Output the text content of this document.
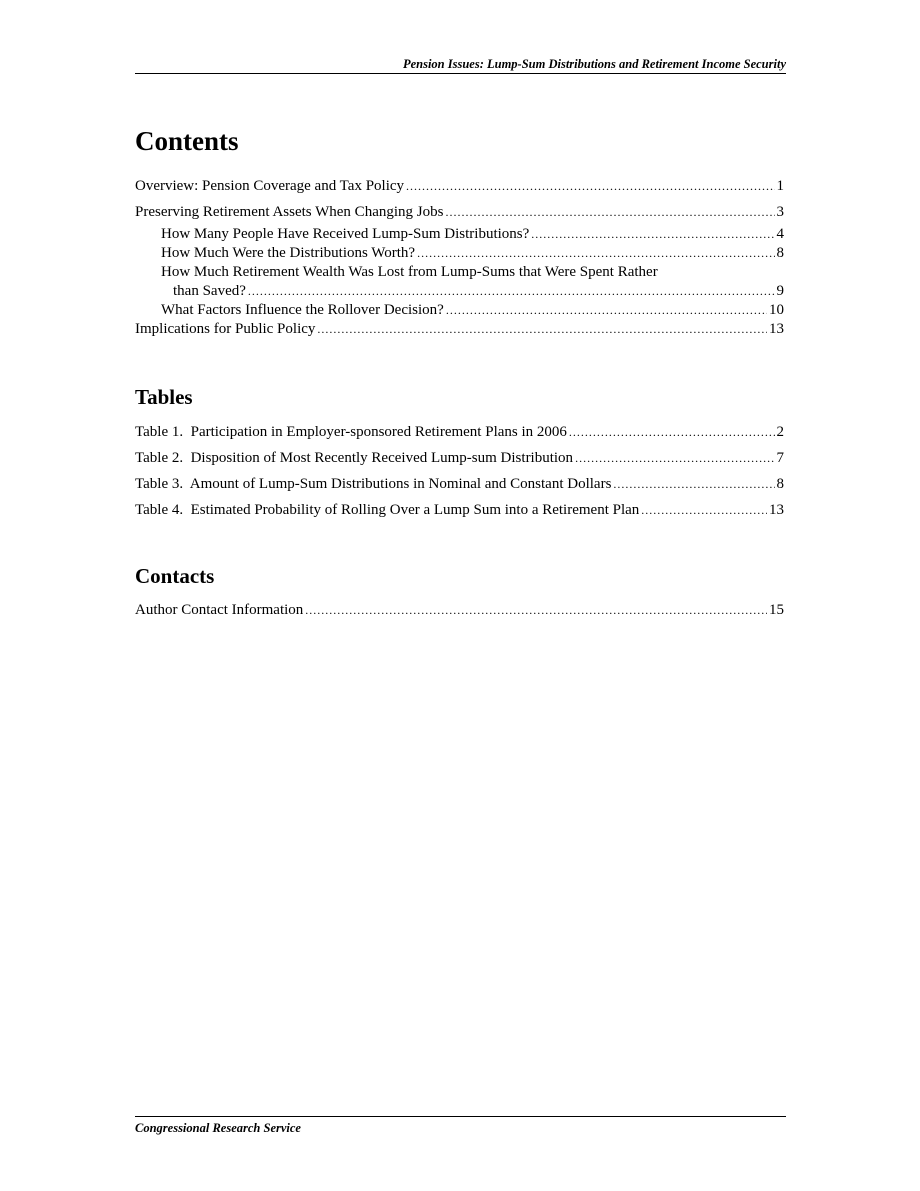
Pension Issues: Lump-Sum Distributions and Retirement Income Security
Contents
Overview: Pension Coverage and Tax Policy .....	1
Preserving Retirement Assets When Changing Jobs .....	3
How Many People Have Received Lump-Sum Distributions? .....	4
How Much Were the Distributions Worth? .....	8
How Much Retirement Wealth Was Lost from Lump-Sums that Were Spent Rather
than Saved? .....	9
What Factors Influence the Rollover Decision? .....	10
Implications for Public Policy .....	13
Tables
Table 1.  Participation in Employer-sponsored Retirement Plans in 2006 .....	2
Table 2.  Disposition of Most Recently Received Lump-sum Distribution .....	7
Table 3.  Amount of Lump-Sum Distributions in Nominal and Constant Dollars .....	8
Table 4.  Estimated Probability of Rolling Over a Lump Sum into a Retirement Plan .....	13
Contacts
Author Contact Information .....	15
Congressional Research Service
